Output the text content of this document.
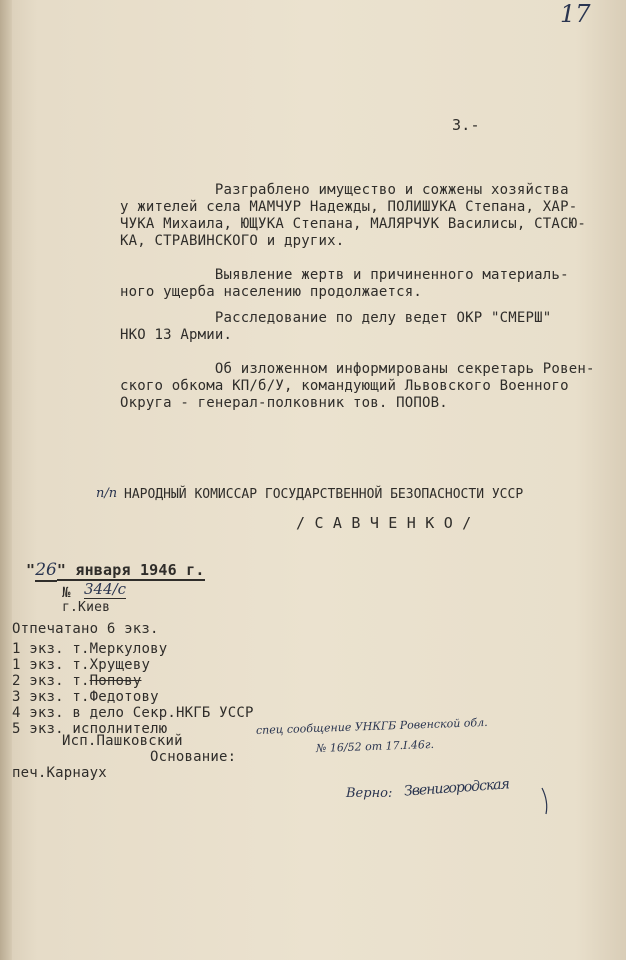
17
3.-
Разграблено имущество и сожжены хозяйства
у жителей села МАМЧУР Надежды, ПОЛИШУКА Степана, ХАР-
ЧУКА Михаила, ЮЩУКА Степана, МАЛЯРЧУК Василисы, СТАСЮ-
КА, СТРАВИНСКОГО и других.
Выявление жертв и причиненного материаль-
ного ущерба населению продолжается.
Расследование по делу ведет ОКР "СМЕРШ"
НКО 13 Армии.
Об изложенном информированы секретарь Ровен-
ского обкома КП/б/У, командующий Львовского Военного
Округа - генерал-полковник тов. ПОПОВ.
п/п НАРОДНЫЙ КОМИССАР ГОСУДАРСТВЕННОЙ БЕЗОПАСНОСТИ УССР
/ С А В Ч Е Н К О /
"26" января 1946 г.
№ 344/с
г.Киев
Отпечатано 6 экз.
1 экз. т.Меркулову
1 экз. т.Хрущеву
2 экз. т.Попову
3 экз. т.Федотову
4 экз. в дело Секр.НКГБ УССР
5 экз. исполнителю
Исп.Пашковский
Основание:
печ.Карнаух
спец сообщение УНКГБ Ровенской обл.
№ 16/52 от 17.I.46г.
Верно: Звенигородская
